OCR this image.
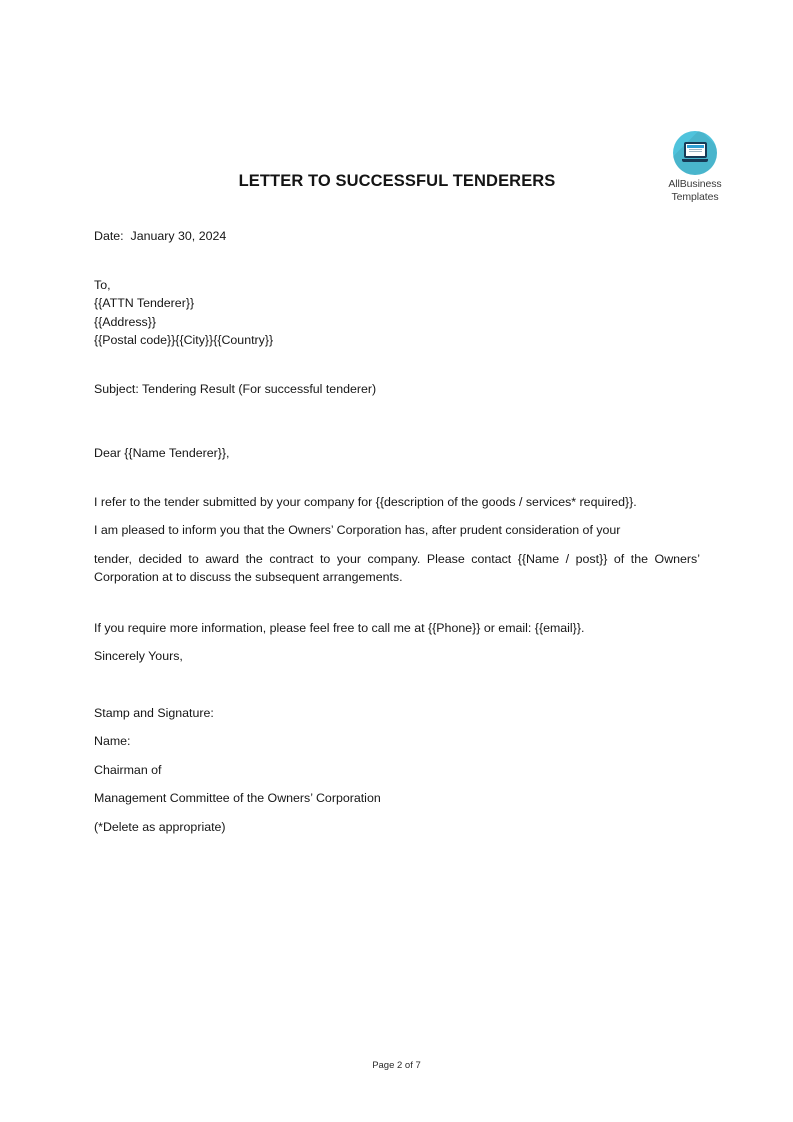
AllBusiness
Templates
LETTER TO SUCCESSFUL TENDERERS
Date:  January 30, 2024
To,
{{ATTN Tenderer}}
{{Address}}
{{Postal code}}{{City}}{{Country}}
Subject: Tendering Result (For successful tenderer)
Dear {{Name Tenderer}},

I refer to the tender submitted by your company for {{description of the goods / services* required}}.

I am pleased to inform you that the Owners’ Corporation has, after prudent consideration of your

tender, decided to award the contract to your company. Please contact {{Name / post}} of the Owners’ Corporation at to discuss the subsequent arrangements.

If you require more information, please feel free to call me at {{Phone}} or email: {{email}}.

Sincerely Yours,
Stamp and Signature:
Name:
Chairman of
Management Committee of the Owners’ Corporation
(*Delete as appropriate)
Page 2 of 7
